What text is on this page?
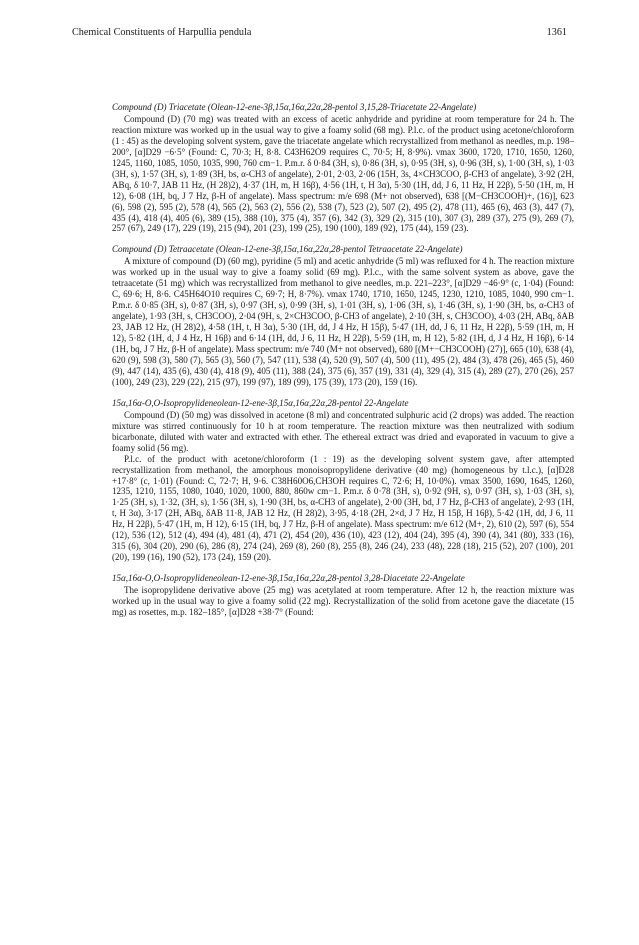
Chemical Constituents of Harpullia pendula	1361
Compound (D) Triacetate (Olean-12-ene-3β,15α,16α,22α,28-pentol 3,15,28-Triacetate 22-Angelate)

Compound (D) (70 mg) was treated with an excess of acetic anhydride and pyridine at room temperature for 24 h. The reaction mixture was worked up in the usual way to give a foamy solid (68 mg). P.l.c. of the product using acetone/chloroform (1 : 45) as the developing solvent system, gave the triacetate angelate which recrystallized from methanol as needles, m.p. 198–200°, [α]D29 −6·5° (Found: C, 70·3; H, 8·8. C43H62O9 requires C, 70·5; H, 8·9%). νmax 3600, 1720, 1710, 1650, 1260, 1245, 1160, 1085, 1050, 1035, 990, 760 cm−1. P.m.r. δ 0·84 (3H, s), 0·86 (3H, s), 0·95 (3H, s), 0·96 (3H, s), 1·00 (3H, s), 1·03 (3H, s), 1·57 (3H, s), 1·89 (3H, bs, α-CH3 of angelate), 2·01, 2·03, 2·06 (15H, 3s, 4×CH3COO, β-CH3 of angelate), 3·92 (2H, ABq, δ 10·7, JAB 11 Hz, (H 28)2), 4·37 (1H, m, H 16β), 4·56 (1H, t, H 3α), 5·30 (1H, dd, J 6, 11 Hz, H 22β), 5·50 (1H, m, H 12), 6·08 (1H, bq, J 7 Hz, β-H of angelate). Mass spectrum: m/e 698 (M+ not observed), 638 [(M−CH3COOH)+, (16)], 623 (6), 598 (2), 595 (2), 578 (4), 565 (2), 563 (2), 556 (2), 538 (7), 523 (2), 507 (2), 495 (2), 478 (11), 465 (6), 463 (3), 447 (7), 435 (4), 418 (4), 405 (6), 389 (15), 388 (10), 375 (4), 357 (6), 342 (3), 329 (2), 315 (10), 307 (3), 289 (37), 275 (9), 269 (7), 257 (67), 249 (17), 229 (19), 215 (94), 201 (23), 199 (25), 190 (100), 189 (92), 175 (44), 159 (23).

Compound (D) Tetraacetate (Olean-12-ene-3β,15α,16α,22α,28-pentol Tetraacetate 22-Angelate)

A mixture of compound (D) (60 mg), pyridine (5 ml) and acetic anhydride (5 ml) was refluxed for 4 h. The reaction mixture was worked up in the usual way to give a foamy solid (69 mg). P.l.c., with the same solvent system as above, gave the tetraacetate (51 mg) which was recrystallized from methanol to give needles, m.p. 221–223°, [α]D29 −46·9° (c, 1·04) (Found: C, 69·6; H, 8·6. C45H64O10 requires C, 69·7; H, 8·7%). νmax 1740, 1710, 1650, 1245, 1230, 1210, 1085, 1040, 990 cm−1. P.m.r. δ 0·85 (3H, s), 0·87 (3H, s), 0·97 (3H, s), 0·99 (3H, s), 1·01 (3H, s), 1·06 (3H, s), 1·46 (3H, s), 1·90 (3H, bs, α-CH3 of angelate), 1·93 (3H, s, CH3COO), 2·04 (9H, s, 2×CH3COO, β-CH3 of angelate), 2·10 (3H, s, CH3COO), 4·03 (2H, ABq, δAB 23, JAB 12 Hz, (H 28)2), 4·58 (1H, t, H 3α), 5·30 (1H, dd, J 4 Hz, H 15β), 5·47 (1H, dd, J 6, 11 Hz, H 22β), 5·59 (1H, m, H 12), 5·82 (1H, d, J 4 Hz, H 16β) and 6·14 (1H, dd, J 6, 11 Hz, H 22β), 5·59 (1H, m, H 12), 5·82 (1H, d, J 4 Hz, H 16β), 6·14 (1H, bq, J 7 Hz, β-H of angelate). Mass spectrum: m/e 740 (M+ not observed), 680 [(M+−CH3COOH) (27)], 665 (10), 638 (4), 620 (9), 598 (3), 580 (7), 565 (3), 560 (7), 547 (11), 538 (4), 520 (9), 507 (4), 500 (11), 495 (2), 484 (3), 478 (26), 465 (5), 460 (9), 447 (14), 435 (6), 430 (4), 418 (9), 405 (11), 388 (24), 375 (6), 357 (19), 331 (4), 329 (4), 315 (4), 289 (27), 270 (26), 257 (100), 249 (23), 229 (22), 215 (97), 199 (97), 189 (99), 175 (39), 173 (20), 159 (16).

15α,16α-O,O-Isopropylideneolean-12-ene-3β,15α,16α,22α,28-pentol 22-Angelate

Compound (D) (50 mg) was dissolved in acetone (8 ml) and concentrated sulphuric acid (2 drops) was added. The reaction mixture was stirred continuously for 10 h at room temperature. The reaction mixture was then neutralized with sodium bicarbonate, diluted with water and extracted with ether. The ethereal extract was dried and evaporated in vacuum to give a foamy solid (56 mg).

P.l.c. of the product with acetone/chloroform (1 : 19) as the developing solvent system gave, after attempted recrystallization from methanol, the amorphous monoisopropylidene derivative (40 mg) (homogeneous by t.l.c.), [α]D28 +17·8° (c, 1·01) (Found: C, 72·7; H, 9·6. C38H60O6,CH3OH requires C, 72·6; H, 10·0%). νmax 3500, 1690, 1645, 1260, 1235, 1210, 1155, 1080, 1040, 1020, 1000, 880, 860w cm−1. P.m.r. δ 0·78 (3H, s), 0·92 (9H, s), 0·97 (3H, s), 1·03 (3H, s), 1·25 (3H, s), 1·32, (3H, s), 1·56 (3H, s), 1·90 (3H, bs, α-CH3 of angelate), 2·00 (3H, bd, J 7 Hz, β-CH3 of angelate), 2·93 (1H, t, H 3α), 3·17 (2H, ABq, δAB 11·8, JAB 12 Hz, (H 28)2), 3·95, 4·18 (2H, 2×d, J 7 Hz, H 15β, H 16β), 5·42 (1H, dd, J 6, 11 Hz, H 22β), 5·47 (1H, m, H 12), 6·15 (1H, bq, J 7 Hz, β-H of angelate). Mass spectrum: m/e 612 (M+, 2), 610 (2), 597 (6), 554 (12), 536 (12), 512 (4), 494 (4), 481 (4), 471 (2), 454 (20), 436 (10), 423 (12), 404 (24), 395 (4), 390 (4), 341 (80), 333 (16), 315 (6), 304 (20), 290 (6), 286 (8), 274 (24), 269 (8), 260 (8), 255 (8), 246 (24), 233 (48), 228 (18), 215 (52), 207 (100), 201 (20), 199 (16), 190 (52), 173 (24), 159 (20).

15α,16α-O,O-Isopropylideneolean-12-ene-3β,15α,16α,22α,28-pentol 3,28-Diacetate 22-Angelate

The isopropylidene derivative above (25 mg) was acetylated at room temperature. After 12 h, the reaction mixture was worked up in the usual way to give a foamy solid (22 mg). Recrystallization of the solid from acetone gave the diacetate (15 mg) as rosettes, m.p. 182–185°, [α]D28 +38·7° (Found:
